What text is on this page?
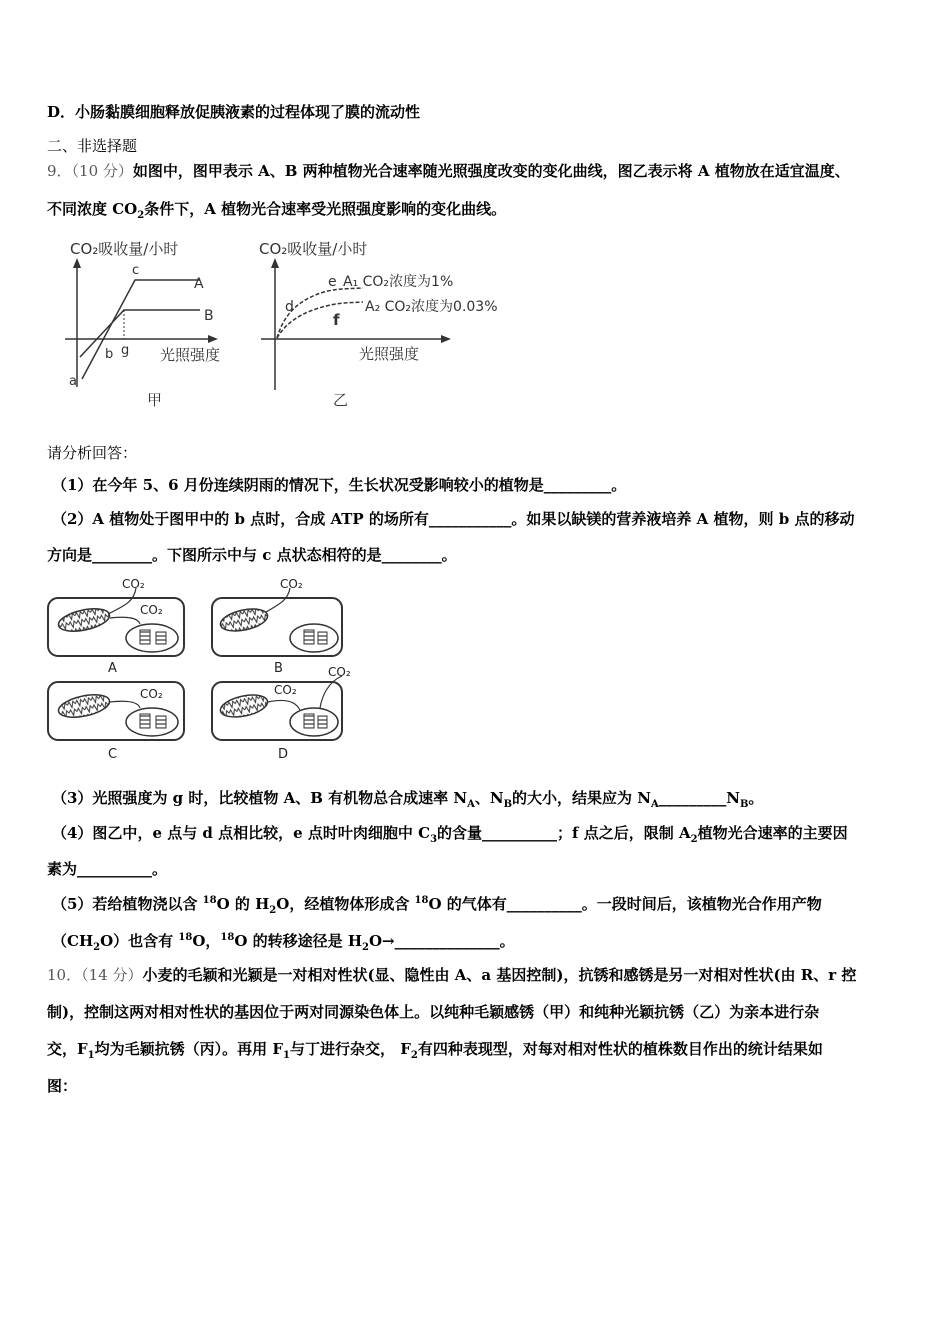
D．小肠黏膜细胞释放促胰液素的过程体现了膜的流动性
二、非选择题
9．（10 分）如图中，图甲表示 A、B 两种植物光合速率随光照强度改变的变化曲线，图乙表示将 A 植物放在适宜温度、
不同浓度 $CO_2$条件下，A 植物光合速率受光照强度影响的变化曲线。
CO₂吸收量/小时
A
B
a
b
c
g 光照强度
甲
CO₂吸收量/小时
d
e
f
A₁ CO₂浓度为1%
A₂ CO₂浓度为0.03%
光照强度
乙
请分析回答：
（1）在今年 5、6 月份连续阴雨的情况下，生长状况受影响较小的植物是_________。
（2）A 植物处于图甲中的 b 点时，合成 ATP 的场所有___________。如果以缺镁的营养液培养 A 植物，则 b 点的移动
方向是________。下图所示中与 c 点状态相符的是________。
CO₂
CO₂
A
CO₂
B
CO₂
C
CO₂
CO₂
D
（3）光照强度为 g 时，比较植物 A、B 有机物总合成速率 $N_A$、$N_B$的大小，结果应为 $N_A\_\_\_\_\_\_\_\_\_N_B$。
（4）图乙中，e 点与 d 点相比较，e 点时叶肉细胞中 $C_3$的含量__________；f 点之后，限制 $A_2$植物光合速率的主要因
素为__________。
（5）若给植物浇以含 $^{18}$O 的 $H_2O$，经植物体形成含 $^{18}$O 的气体有__________。一段时间后，该植物光合作用产物
$(CH_2O)$也含有 $^{18}$O，$^{18}$O 的转移途径是 $H_2O\to\_\_\_\_\_\_\_\_\_\_\_\_\_\_$。
10．（14 分）小麦的毛颖和光颖是一对相对性状(显、隐性由 A、a 基因控制)，抗锈和感锈是另一对相对性状(由 R、r 控
制)，控制这两对相对性状的基因位于两对同源染色体上。以纯种毛颖感锈（甲）和纯种光颖抗锈（乙）为亲本进行杂
交，$F_1$均为毛颖抗锈（丙）。再用 $F_1$与丁进行杂交， $F_2$有四种表现型，对每对相对性状的植株数目作出的统计结果如
图：
